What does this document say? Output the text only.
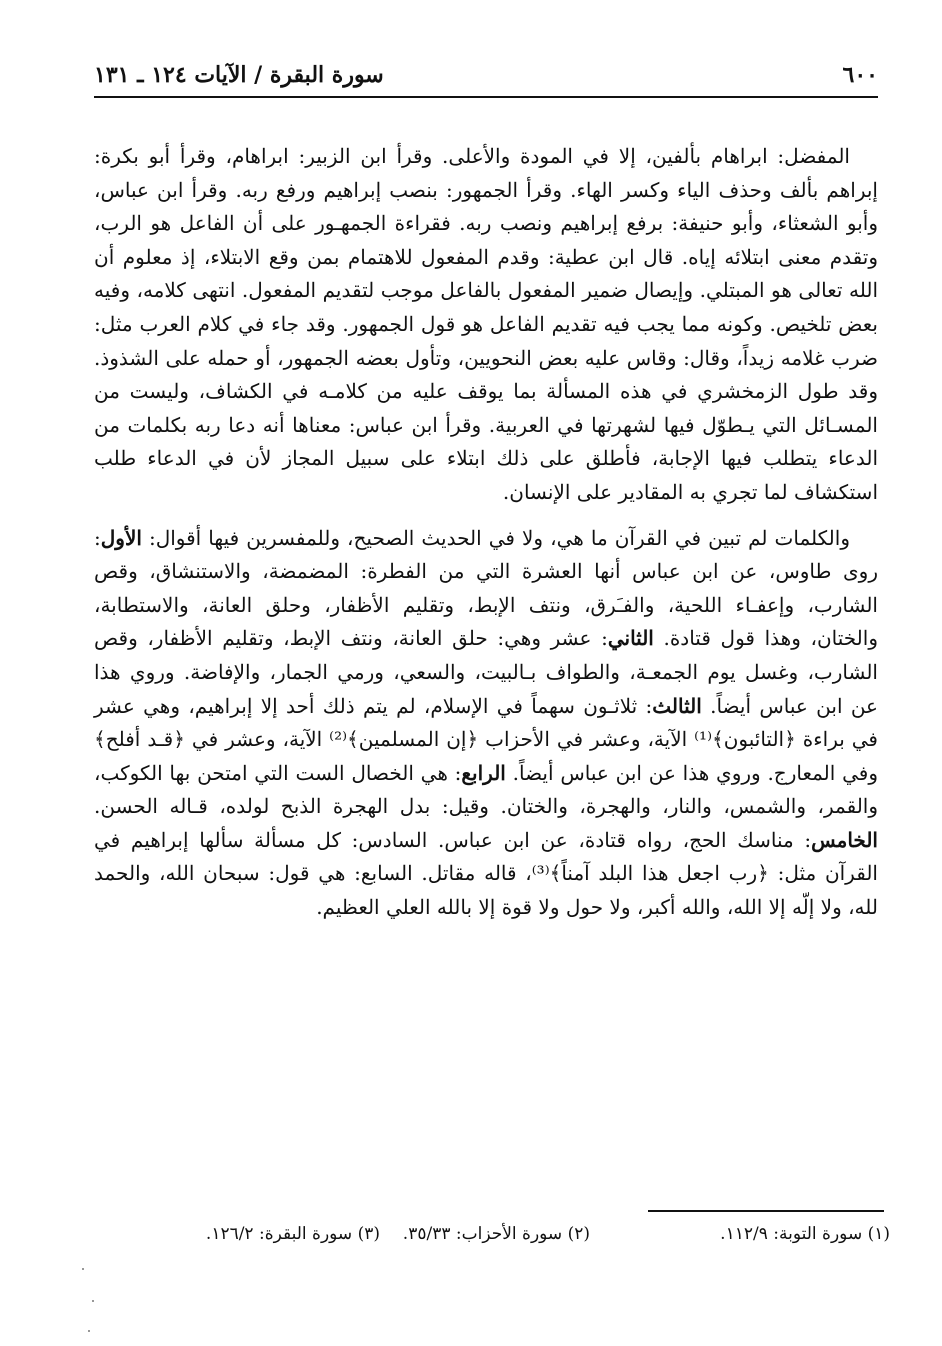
٦٠٠
سورة البقرة / الآيات ١٢٤ ـ ١٣١

المفضل: ابراهام بألفين، إلا في المودة والأعلى. وقرأ ابن الزبير: ابراهام، وقرأ أبو بكرة: إبراهم بألف وحذف الياء وكسر الهاء. وقرأ الجمهور: بنصب إبراهيم ورفع ربه. وقرأ ابن عباس، وأبو الشعثاء، وأبو حنيفة: برفع إبراهيم ونصب ربه. فقراءة الجمهـور على أن الفاعل هو الرب، وتقدم معنى ابتلائه إياه. قال ابن عطية: وقدم المفعول للاهتمام بمن وقع الابتلاء، إذ معلوم أن الله تعالى هو المبتلي. وإيصال ضمير المفعول بالفاعل موجب لتقديم المفعول. انتهى كلامه، وفيه بعض تلخيص. وكونه مما يجب فيه تقديم الفاعل هو قول الجمهور. وقد جاء في كلام العرب مثل: ضرب غلامه زيداً، وقال: وقاس عليه بعض النحويين، وتأول بعضه الجمهور، أو حمله على الشذوذ. وقد طول الزمخشري في هذه المسألة بما يوقف عليه من كلامـه في الكشاف، وليست من المسـائل التي يـطوّل فيها لشهرتها في العربية. وقرأ ابن عباس: معناها أنه دعا ربه بكلمات من الدعاء يتطلب فيها الإجابة، فأطلق على ذلك ابتلاء على سبيل المجاز لأن في الدعاء طلب استكشاف لما تجري به المقادير على الإنسان.

والكلمات لم تبين في القرآن ما هي، ولا في الحديث الصحيح، وللمفسرين فيها أقوال: الأول: روى طاوس، عن ابن عباس أنها العشرة التي من الفطرة: المضمضة، والاستنشاق، وقص الشارب، وإعفـاء اللحية، والفـَرق، ونتف الإبط، وتقليم الأظفار، وحلق العانة، والاستطابة، والختان، وهذا قول قتادة. الثاني: عشر وهي: حلق العانة، ونتف الإبط، وتقليم الأظفار، وقص الشارب، وغسل يوم الجمعـة، والطواف بـالبيت، والسعي، ورمي الجمار، والإفاضة. وروي هذا عن ابن عباس أيضاً. الثالث: ثلاثـون سهماً في الإسلام، لم يتم ذلك أحد إلا إبراهيم، وهي عشر في براءة ﴿التائبون﴾⁽¹⁾ الآية، وعشر في الأحزاب ﴿إن المسلمين﴾⁽²⁾ الآية، وعشر في ﴿قـد أفلح﴾ وفي المعارج. وروي هذا عن ابن عباس أيضاً. الرابع: هي الخصال الست التي امتحن بها الكوكب، والقمر، والشمس، والنار، والهجرة، والختان. وقيل: بدل الهجرة الذبح لولده، قـاله الحسن. الخامس: مناسك الحج، رواه قتادة، عن ابن عباس. السادس: كل مسألة سألها إبراهيم في القرآن مثل: ﴿رب اجعل هذا البلد آمناً﴾⁽³⁾، قاله مقاتل. السابع: هي قول: سبحان الله، والحمد لله، ولا إلّه إلا الله، والله أكبر، ولا حول ولا قوة إلا بالله العلي العظيم.

(١) سورة التوبة: ١١٢/٩.
(٢) سورة الأحزاب: ٣٥/٣٣.
(٣) سورة البقرة: ١٢٦/٢.
